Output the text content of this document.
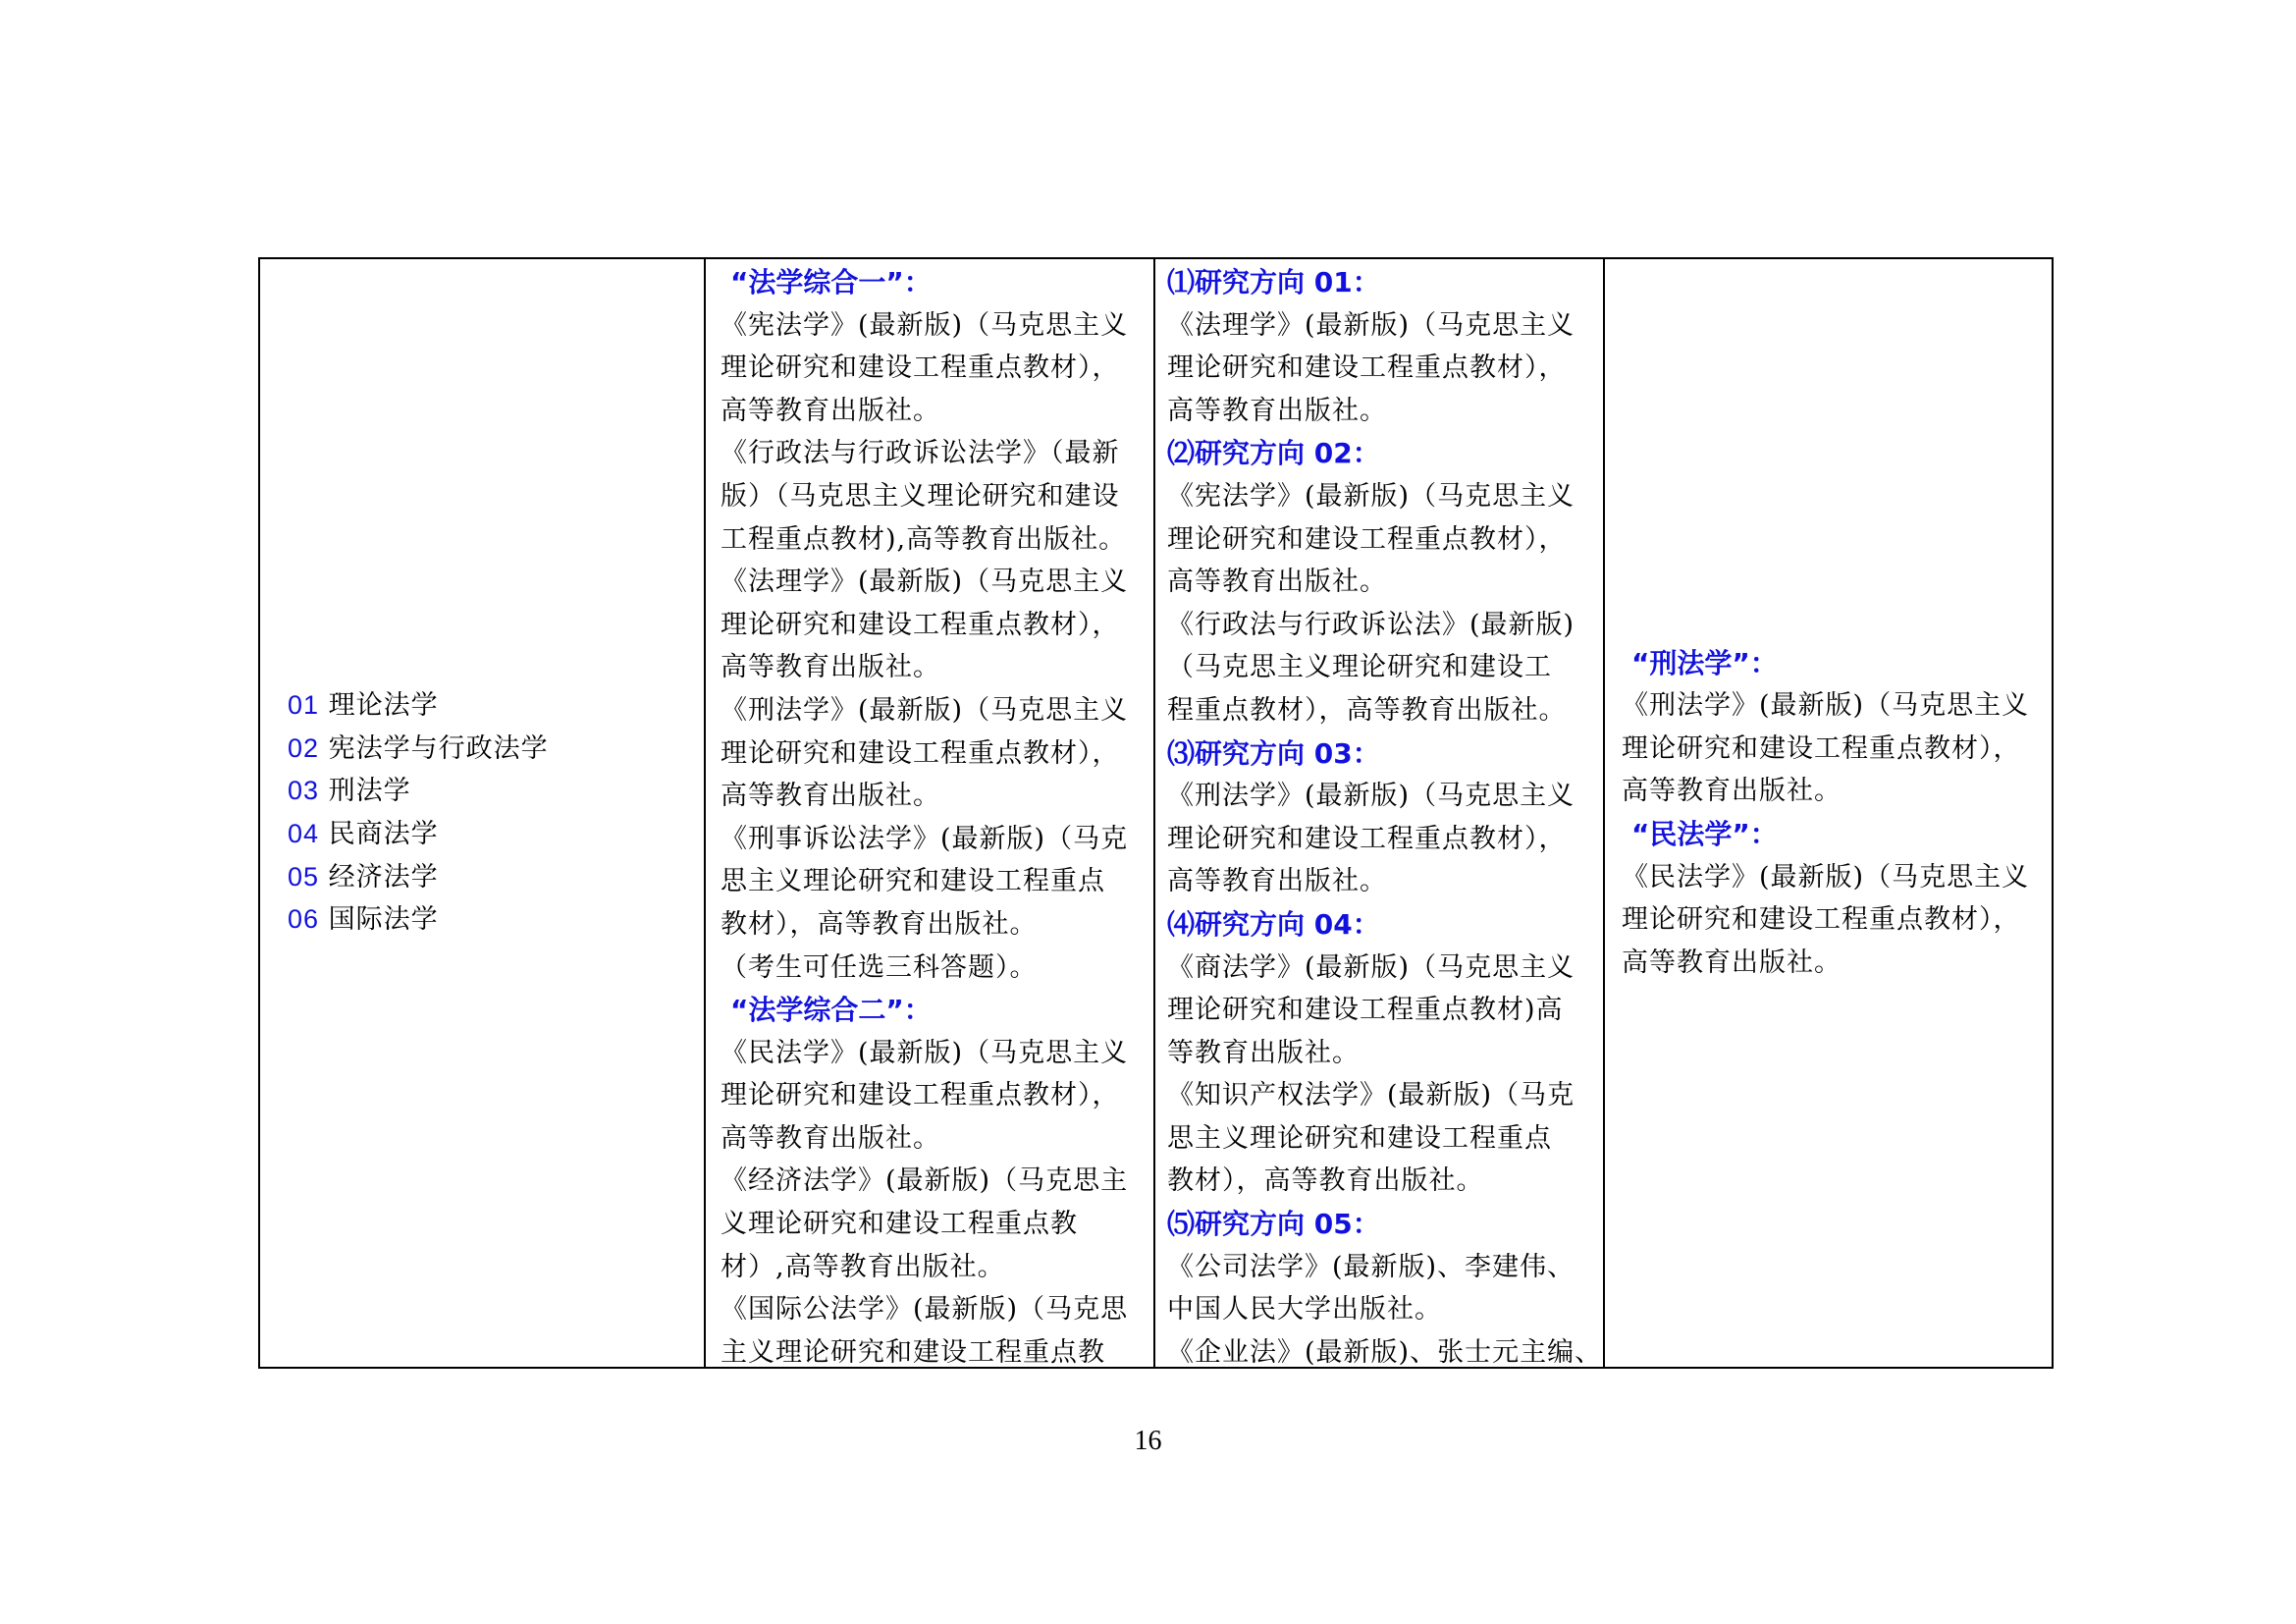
01 理论法学
02 宪法学与行政法学
03 刑法学
04 民商法学
05 经济法学
06 国际法学

“法学综合一”：
《宪法学》(最新版)（马克思主义
理论研究和建设工程重点教材），
高等教育出版社。
《行政法与行政诉讼法学》（最新
版）（马克思主义理论研究和建设
工程重点教材),高等教育出版社。
《法理学》(最新版)（马克思主义
理论研究和建设工程重点教材），
高等教育出版社。
《刑法学》(最新版)（马克思主义
理论研究和建设工程重点教材），
高等教育出版社。
《刑事诉讼法学》(最新版)（马克
思主义理论研究和建设工程重点
教材），高等教育出版社。
（考生可任选三科答题）。
“法学综合二”：
《民法学》(最新版)（马克思主义
理论研究和建设工程重点教材），
高等教育出版社。
《经济法学》(最新版)（马克思主
义理论研究和建设工程重点教
材）,高等教育出版社。
《国际公法学》(最新版)（马克思
主义理论研究和建设工程重点教

⑴研究方向 01：
《法理学》(最新版)（马克思主义
理论研究和建设工程重点教材），
高等教育出版社。
⑵研究方向 02：
《宪法学》(最新版)（马克思主义
理论研究和建设工程重点教材），
高等教育出版社。
《行政法与行政诉讼法》(最新版)
（马克思主义理论研究和建设工
程重点教材），高等教育出版社。
⑶研究方向 03：
《刑法学》(最新版)（马克思主义
理论研究和建设工程重点教材），
高等教育出版社。
⑷研究方向 04：
《商法学》(最新版)（马克思主义
理论研究和建设工程重点教材)高
等教育出版社。
《知识产权法学》(最新版)（马克
思主义理论研究和建设工程重点
教材），高等教育出版社。
⑸研究方向 05：
《公司法学》(最新版)、李建伟、
中国人民大学出版社。
《企业法》(最新版)、张士元主编、

“刑法学”：
《刑法学》(最新版)（马克思主义
理论研究和建设工程重点教材），
高等教育出版社。
“民法学”：
《民法学》(最新版)（马克思主义
理论研究和建设工程重点教材），
高等教育出版社。
16
